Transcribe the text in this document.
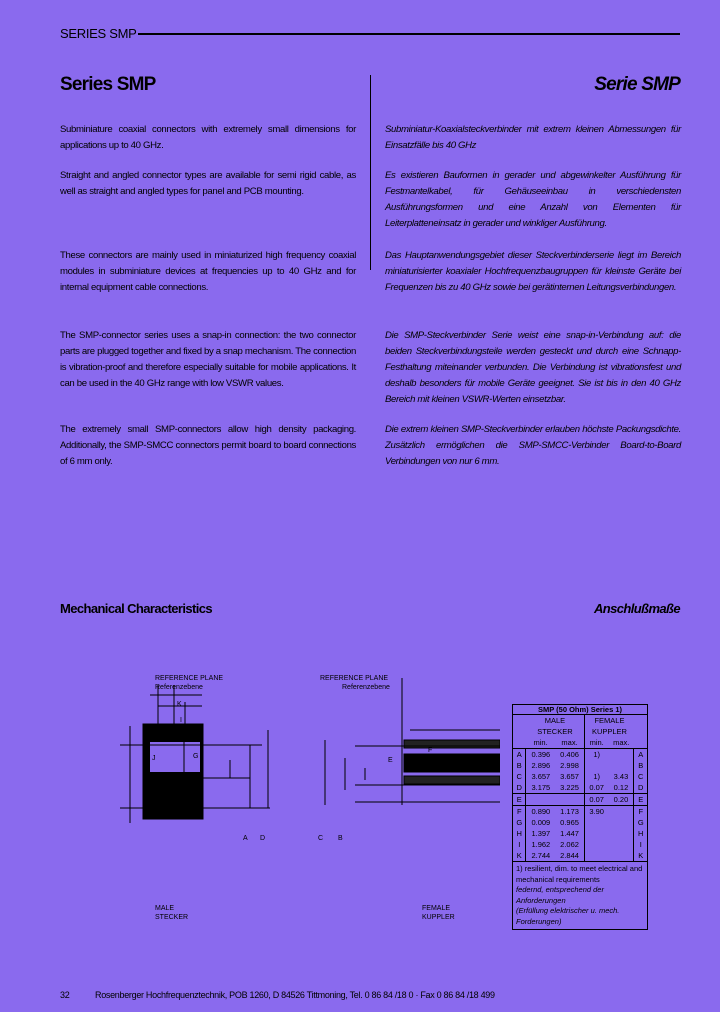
SERIES SMP
Series SMP	Serie SMP

Subminiature coaxial connectors with extremely small dimensions for applications up to 40 GHz.

Straight and angled connector types are available for semi rigid cable, as well as straight and angled types for panel and PCB mounting.

These connectors are mainly used in miniaturized high frequency coaxial modules in subminiature devices at frequencies up to 40 GHz and for internal equipment cable connections.

The SMP-connector series uses a snap-in connection: the two connector parts are plugged together and fixed by a snap mechanism. The connection is vibration-proof and therefore especially suitable for mobile applications. It can be used in the 40 GHz range with low VSWR values.

The extremely small SMP-connectors allow high density packaging. Additionally, the SMP-SMCC connectors permit board to board connections of 6 mm only.

Subminiatur-Koaxialsteckverbinder mit extrem kleinen Abmessungen für Einsatzfälle bis 40 GHz

Es existieren Bauformen in gerader und abgewinkelter Ausführung für Festmantelkabel, für Gehäuseeinbau in verschiedensten Ausführungsformen und eine Anzahl von Elementen für Leiterplatteneinsatz in gerader und winkliger Ausführung.

Das Hauptanwendungsgebiet dieser Steckverbinderserie liegt im Bereich miniaturisierter koaxialer Hochfrequenzbaugruppen für kleinste Geräte bei Frequenzen bis zu 40 GHz sowie bei gerätinternen Leitungsverbindungen.

Die SMP-Steckverbinder Serie weist eine snap-in-Verbindung auf: die beiden Steckverbindungsteile werden gesteckt und durch eine Schnapp-Festhaltung miteinander verbunden. Die Verbindung ist vibrationsfest und deshalb besonders für mobile Geräte geeignet. Sie ist bis in den 40 GHz Bereich mit kleinen VSWR-Werten einsetzbar.

Die extrem kleinen SMP-Steckverbinder erlauben höchste Packungsdichte. Zusätzlich ermöglichen die SMP-SMCC-Verbinder Board-to-Board Verbindungen von nur 6 mm.

Mechanical Characteristics	Anschlußmaße
REFERENCE PLANE
Referenzebene
REFERENCE PLANE
Referenzebene
MALE
STECKER
FEMALE
KUPPLER
K
I
H
G
J
A	B
C
D
E
F
SMP (50 Ohm) Series 1)
	MALE		FEMALE		
	STECKER		KUPPLER		
	min.	max.	min.	max.	
A	0.396	0.406	1)		A
B	2.896	2.998			B
C	3.657	3.657	1)	3.43	C
D	3.175	3.225	0.07	0.12	D
E			0.07	0.20	E
F	0.890	1.173	3.90		F
G	0.009	0.965			G
H	1.397	1.447			H
I	1.962	2.062			I
K	2.744	2.844			K
1) resilient, dim. to meet electrical and mechanical requirements
federnd, entsprechend der Anforderungen
(Erfüllung elektrischer u. mech. Forderungen)
32	Rosenberger Hochfrequenztechnik, POB 1260, D 84526 Tittmoning, Tel. 0 86 84 /18 0 · Fax 0 86 84 /18 499
